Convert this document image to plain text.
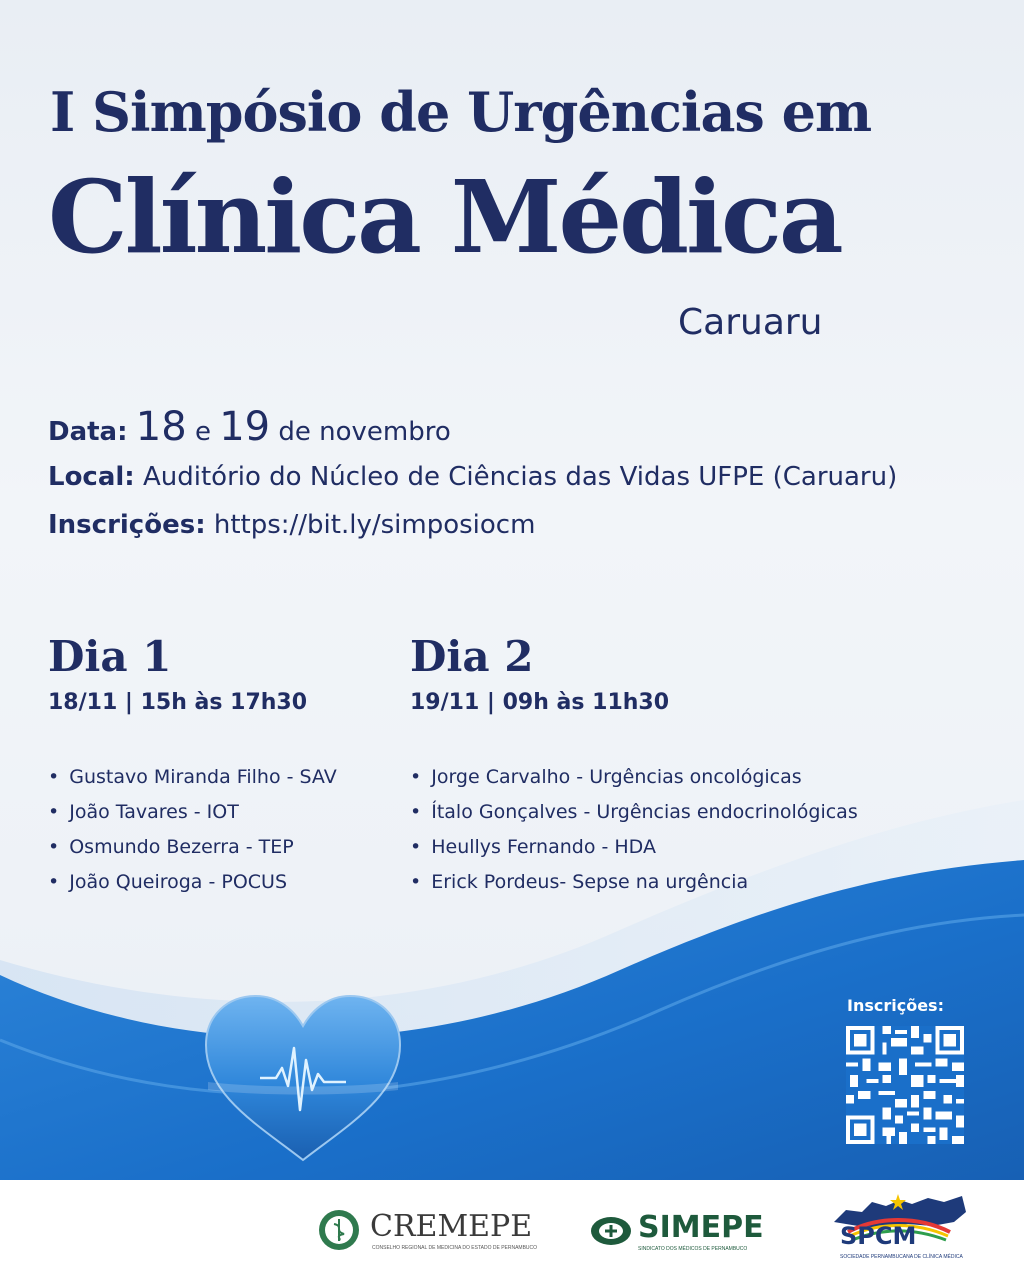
I Simpósio de Urgências em
Clínica Médica
Caruaru
Data: 18 e 19 de novembro
Local: Auditório do Núcleo de Ciências das Vidas UFPE (Caruaru)
Inscrições: https://bit.ly/simposiocm
Dia 1
18/11 | 15h às 17h30
• Gustavo Miranda Filho - SAV
• João Tavares - IOT
• Osmundo Bezerra - TEP
• João Queiroga - POCUS
Dia 2
19/11 | 09h às 11h30
• Jorge Carvalho - Urgências oncológicas
• Ítalo Gonçalves - Urgências endocrinológicas
• Heullys Fernando - HDA
• Erick Pordeus- Sepse na urgência
Inscrições:
CREMEPE
CONSELHO REGIONAL DE MEDICINA DO ESTADO DE PERNAMBUCO
SIMEPE
SINDICATO DOS MÉDICOS DE PERNAMBUCO	SPCM
SOCIEDADE PERNAMBUCANA DE CLÍNICA MÉDICA
